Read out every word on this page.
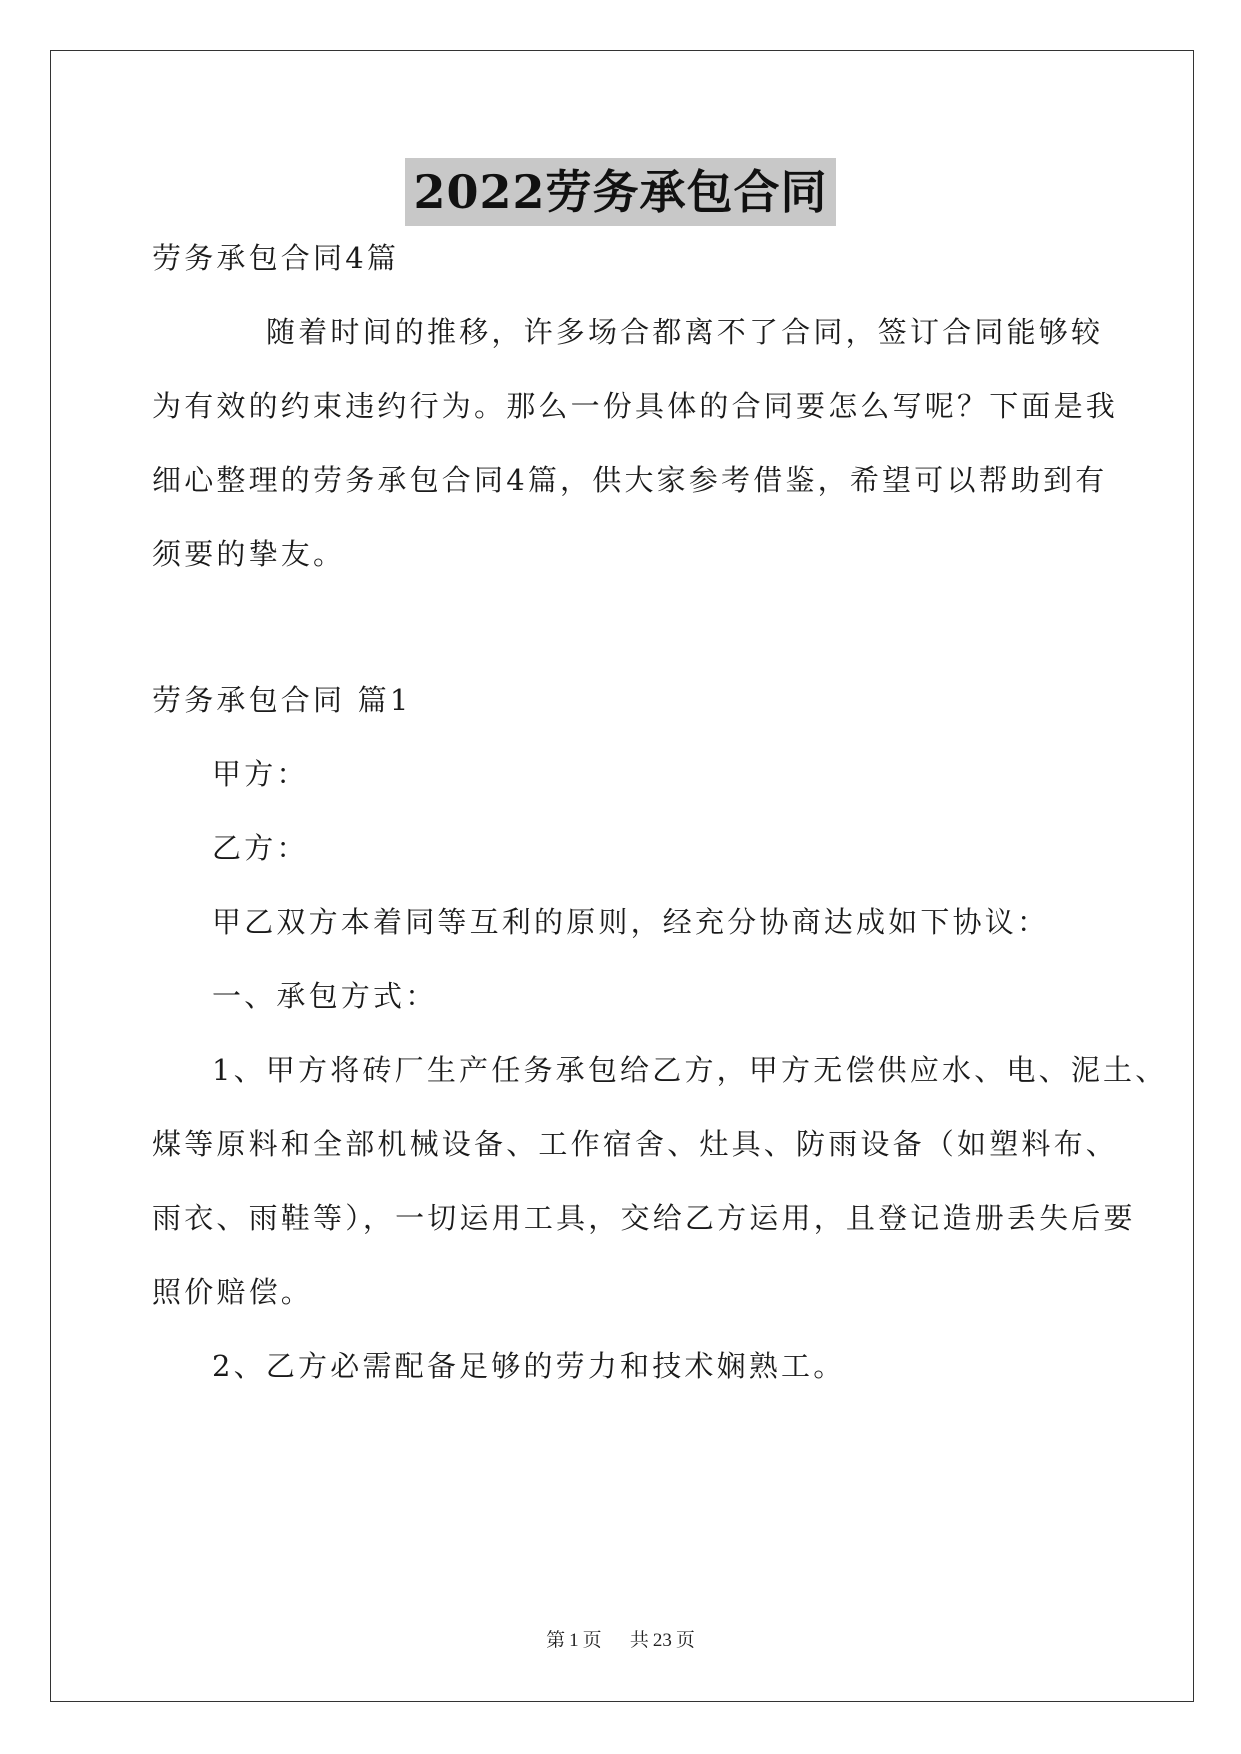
2022劳务承包合同
劳务承包合同4篇
随着时间的推移，许多场合都离不了合同，签订合同能够较
为有效的约束违约行为。那么一份具体的合同要怎么写呢？下面是我
细心整理的劳务承包合同4篇，供大家参考借鉴，希望可以帮助到有
须要的挚友。
劳务承包合同 篇1
甲方：
乙方：
甲乙双方本着同等互利的原则，经充分协商达成如下协议：
一、承包方式：
1、甲方将砖厂生产任务承包给乙方，甲方无偿供应水、电、泥土、
煤等原料和全部机械设备、工作宿舍、灶具、防雨设备（如塑料布、
雨衣、雨鞋等），一切运用工具，交给乙方运用，且登记造册丢失后要
照价赔偿。
2、乙方必需配备足够的劳力和技术娴熟工。
第 1 页 共 23 页
